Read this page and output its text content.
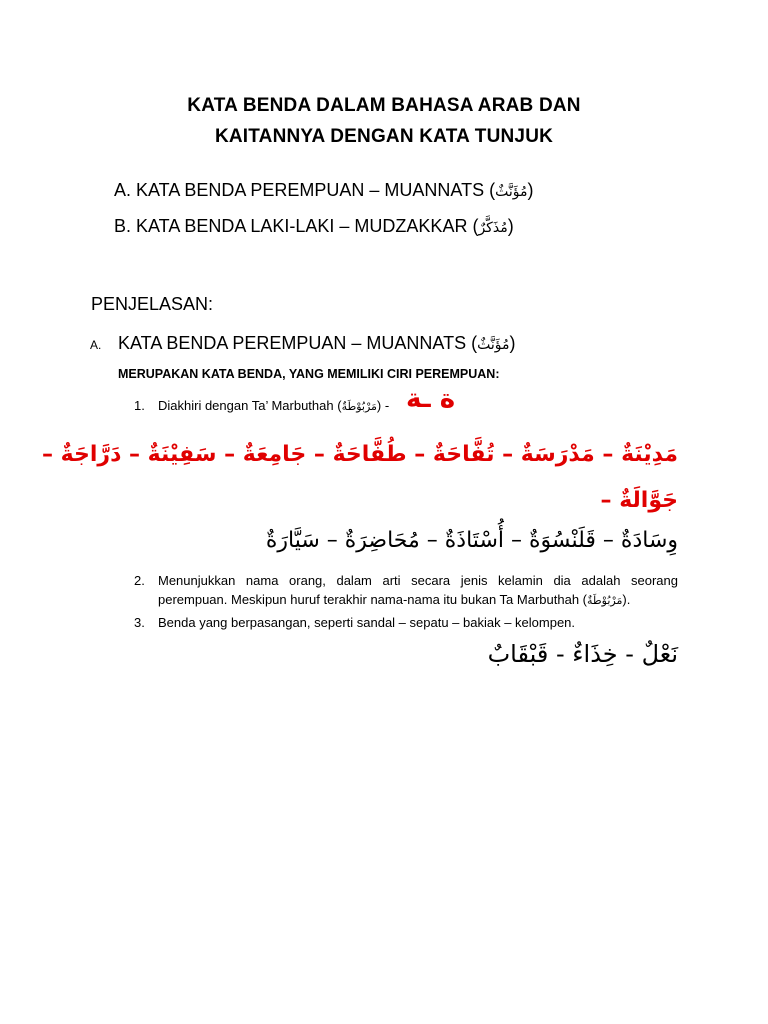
KATA BENDA DALAM BAHASA ARAB DAN
KAITANNYA DENGAN KATA TUNJUK
A. KATA BENDA PEREMPUAN – MUANNATS (مُؤَنَّثٌ)
B. KATA BENDA LAKI-LAKI – MUDZAKKAR (مُذَكَّرٌ)
PENJELASAN:
A. KATA BENDA PEREMPUAN – MUANNATS (مُؤَنَّثٌ)
MERUPAKAN KATA BENDA, YANG MEMILIKI CIRI PEREMPUAN:
1.	Diakhiri dengan Ta’ Marbuthah (مَرْبُوْطَةٌ) - ة ـة
مَدِيْنَةٌ – مَدْرَسَةٌ – تُفَّاحَةٌ – طُفَّاحَةٌ – جَامِعَةٌ – سَفِيْنَةٌ – دَرَّاجَةٌ –
جَوَّالَةٌ –
وِسَادَةٌ – قَلَنْسُوَةٌ – أُسْتَاذَةٌ – مُحَاضِرَةٌ – سَيَّارَةٌ
2.	Menunjukkan nama orang, dalam arti secara jenis kelamin dia adalah seorang perempuan. Meskipun huruf terakhir nama-nama itu bukan Ta Marbuthah (مَرْبُوْطَةٌ).
3.	Benda yang berpasangan, seperti sandal – sepatu – bakiak – kelompen.
نَعْلٌ - خِذَاءٌ - قَبْقَابٌ
